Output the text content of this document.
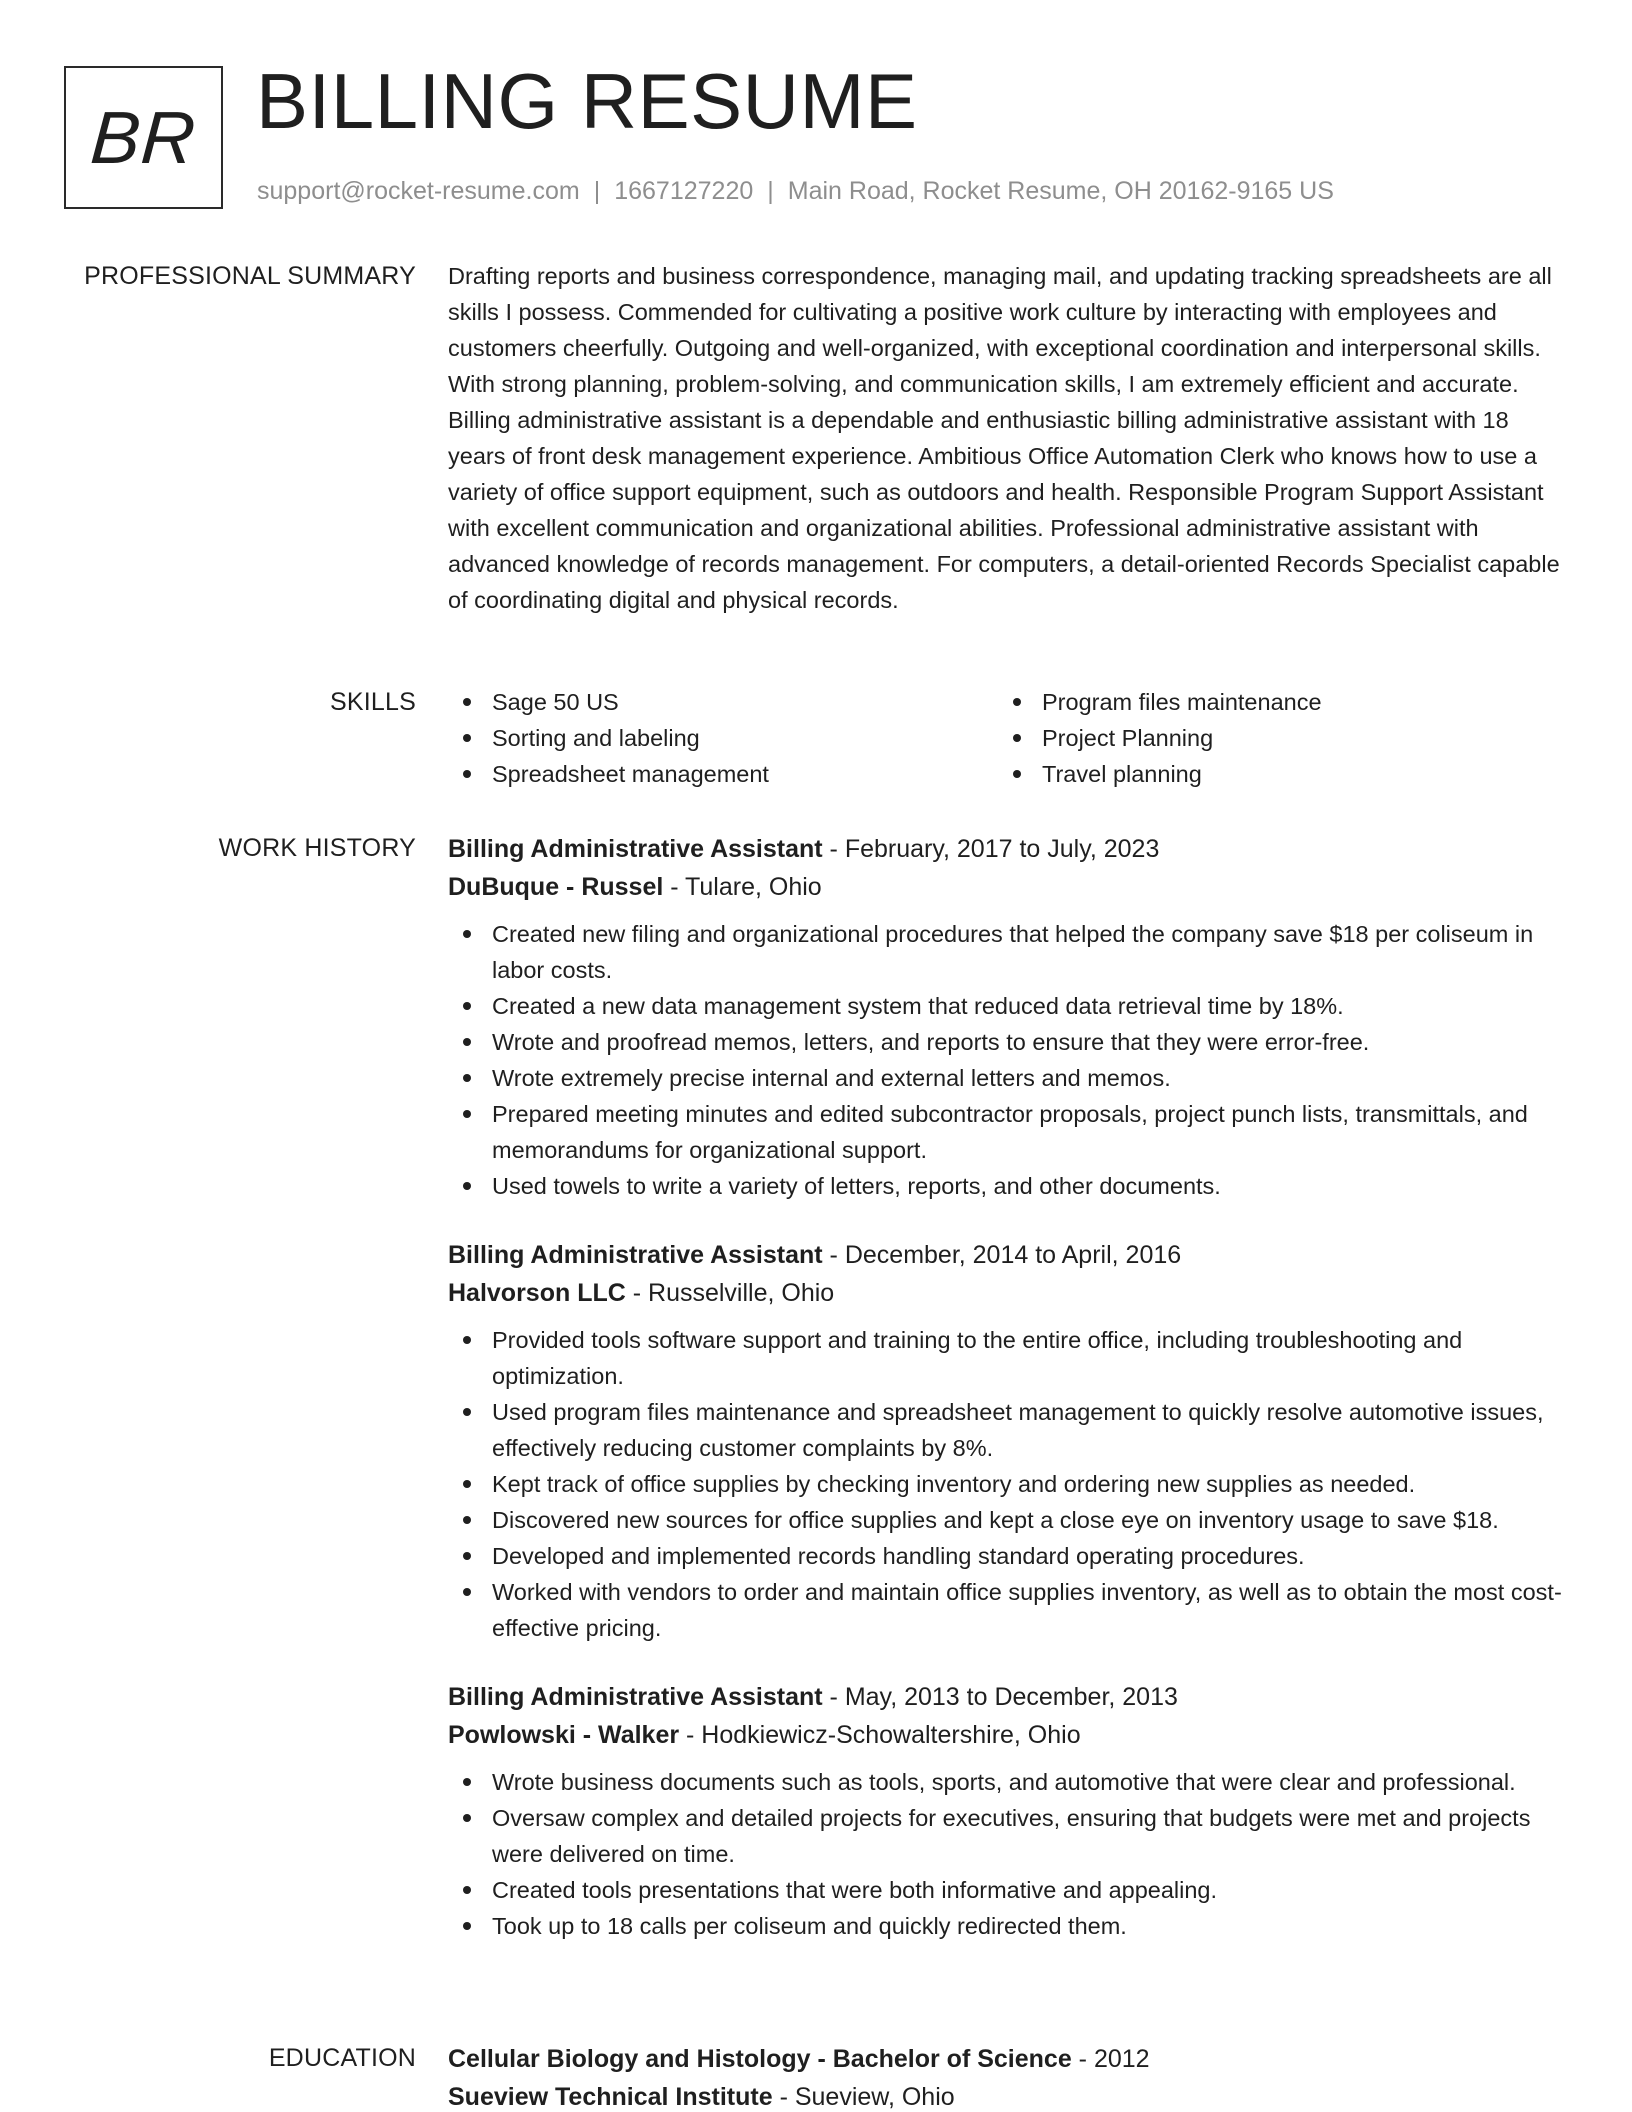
BR BILLING RESUME
support@rocket-resume.com | 1667127220 | Main Road, Rocket Resume, OH 20162-9165 US
PROFESSIONAL SUMMARY Drafting reports and business correspondence, managing mail, and updating tracking spreadsheets are all skills I possess. Commended for cultivating a positive work culture by interacting with employees and customers cheerfully. Outgoing and well-organized, with exceptional coordination and interpersonal skills. With strong planning, problem-solving, and communication skills, I am extremely efficient and accurate. Billing administrative assistant is a dependable and enthusiastic billing administrative assistant with 18 years of front desk management experience. Ambitious Office Automation Clerk who knows how to use a variety of office support equipment, such as outdoors and health. Responsible Program Support Assistant with excellent communication and organizational abilities. Professional administrative assistant with advanced knowledge of records management. For computers, a detail-oriented Records Specialist capable of coordinating digital and physical records.
SKILLS	Sage 50 US
Sorting and labeling
Spreadsheet management
Program files maintenance
Project Planning
Travel planning
WORK HISTORY Billing Administrative Assistant - February, 2017 to July, 2023
DuBuque - Russel - Tulare, Ohio
Created new filing and organizational procedures that helped the company save $18 per coliseum in labor costs.
Created a new data management system that reduced data retrieval time by 18%.
Wrote and proofread memos, letters, and reports to ensure that they were error-free.
Wrote extremely precise internal and external letters and memos.
Prepared meeting minutes and edited subcontractor proposals, project punch lists, transmittals, and memorandums for organizational support.
Used towels to write a variety of letters, reports, and other documents.
Billing Administrative Assistant - December, 2014 to April, 2016
Halvorson LLC - Russelville, Ohio
Provided tools software support and training to the entire office, including troubleshooting and optimization.
Used program files maintenance and spreadsheet management to quickly resolve automotive issues, effectively reducing customer complaints by 8%.
Kept track of office supplies by checking inventory and ordering new supplies as needed.
Discovered new sources for office supplies and kept a close eye on inventory usage to save $18.
Developed and implemented records handling standard operating procedures.
Worked with vendors to order and maintain office supplies inventory, as well as to obtain the most cost-effective pricing.
Billing Administrative Assistant - May, 2013 to December, 2013
Powlowski - Walker - Hodkiewicz-Schowaltershire, Ohio
Wrote business documents such as tools, sports, and automotive that were clear and professional.
Oversaw complex and detailed projects for executives, ensuring that budgets were met and projects were delivered on time.
Created tools presentations that were both informative and appealing.
Took up to 18 calls per coliseum and quickly redirected them.
EDUCATION Cellular Biology and Histology - Bachelor of Science - 2012
Sueview Technical Institute - Sueview, Ohio
